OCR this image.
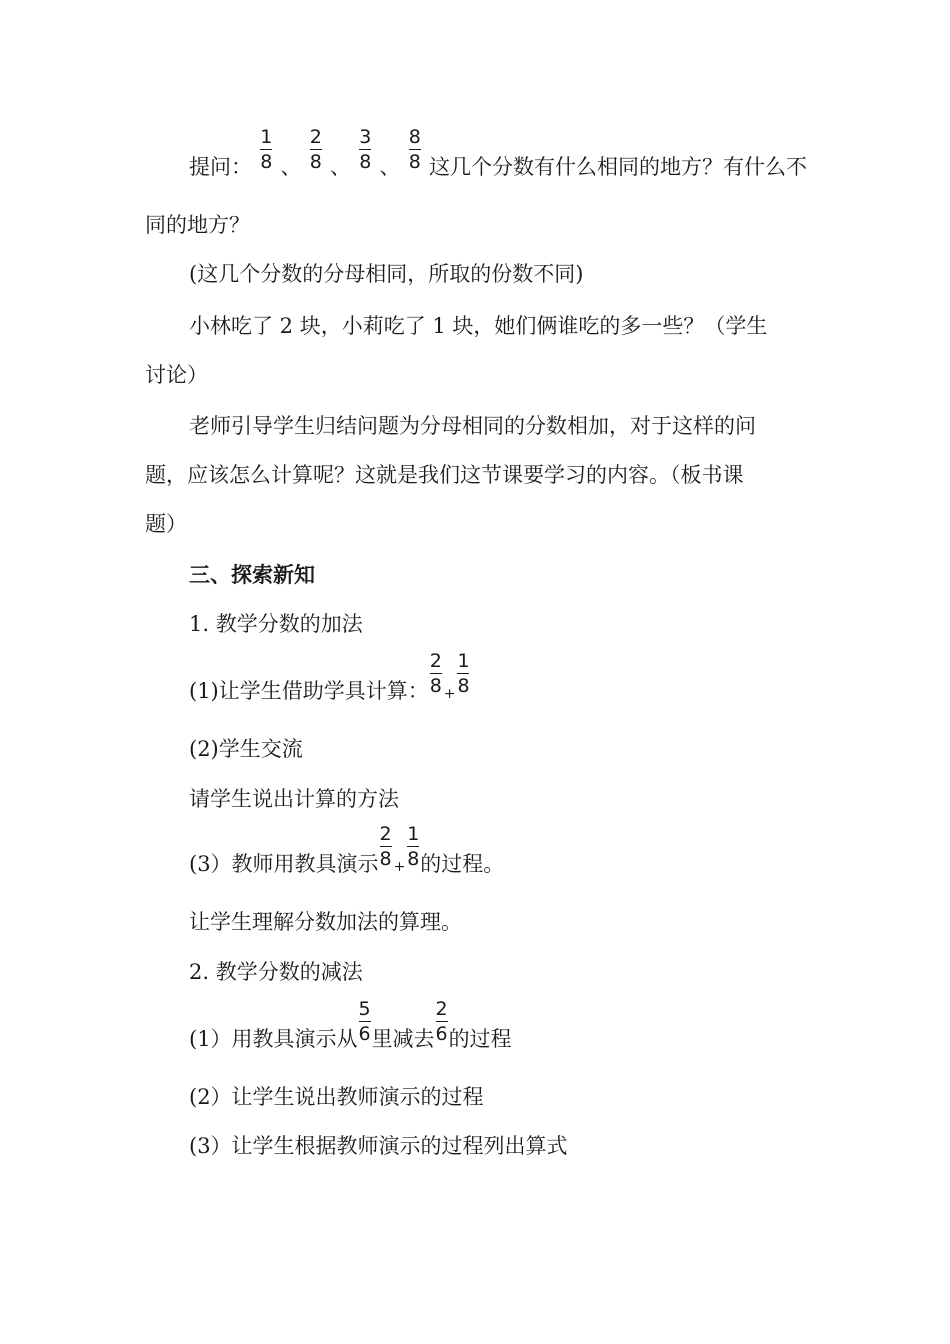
提问： $\frac{1}{8}$ 、 $\frac{2}{8}$ 、 $\frac{3}{8}$ 、 $\frac{8}{8}$ 这几个分数有什么相同的地方？有什么不
同的地方？
(这几个分数的分母相同，所取的份数不同)
小林吃了 2 块，小莉吃了 1 块，她们俩谁吃的多一些？（学生
讨论）
老师引导学生归结问题为分母相同的分数相加，对于这样的问
题，应该怎么计算呢？这就是我们这节课要学习的内容。（板书课
题）
三、探索新知
1. 教学分数的加法
(1)让学生借助学具计算： $\frac{2}{8} + \frac{1}{8}$
(2)学生交流
请学生说出计算的方法
(3）教师用教具演示 $\frac{2}{8} + \frac{1}{8}$ 的过程。
让学生理解分数加法的算理。
2. 教学分数的减法
(1）用教具演示从 $\frac{5}{6}$ 里减去 $\frac{2}{6}$ 的过程
(2）让学生说出教师演示的过程
(3）让学生根据教师演示的过程列出算式
